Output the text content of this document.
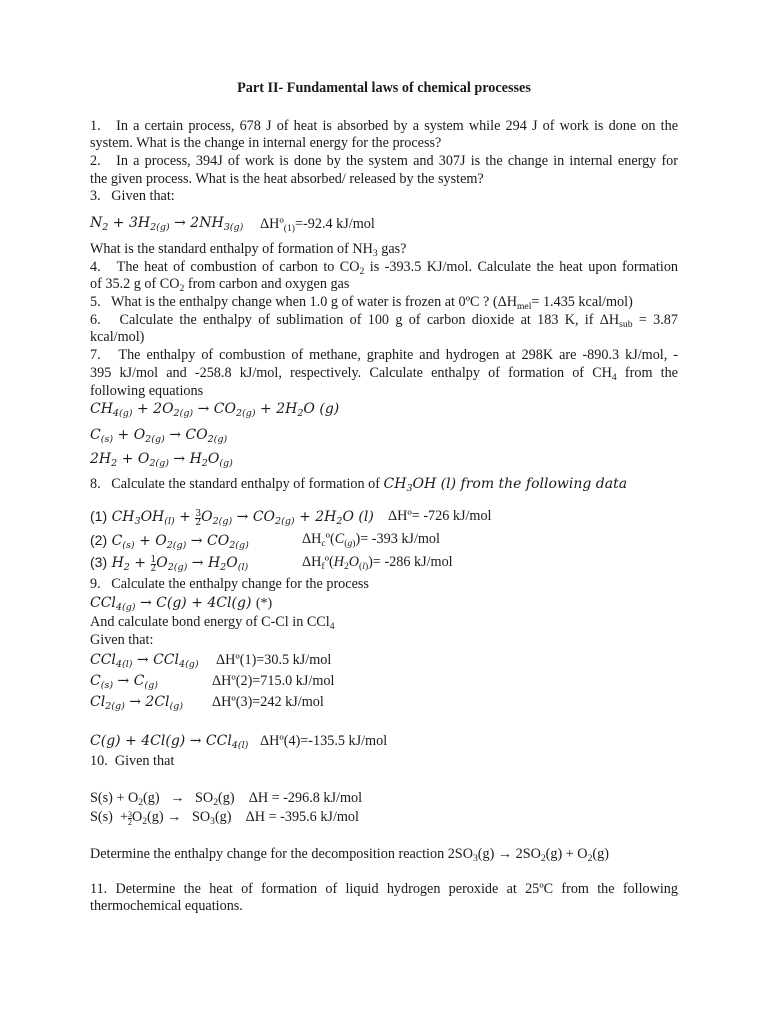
Part II- Fundamental laws of chemical processes
1.   In a certain process, 678 J of heat is absorbed by a system while 294 J of work is done on the
system. What is the change in internal energy for the process?
2.   In a process, 394J of work is done by the system and 307J is the change in internal energy for
the given process. What is the heat absorbed/ released by the system?
3.   Given that:
$N_2 + 3H_{2(g)} \to 2NH_{3(g)}$	ΔHº$_{(1)}$=-92.4 kJ/mol
What is the standard enthalpy of formation of $NH_3$ gas?
4.   The heat of combustion of carbon to $CO_2$ is -393.5 KJ/mol. Calculate the heat upon formation
of 35.2 g of $CO_2$ from carbon and oxygen gas
5.   What is the enthalpy change when 1.0 g of water is frozen at 0ºC ? ($\Delta H_{mel}= 1.435$ kcal/mol)
6.   Calculate the enthalpy of sublimation of 100 g of carbon dioxide at 183 K, if $\Delta H_{sub} = 3.87$
kcal/mol)
7.   The enthalpy of combustion of methane, graphite and hydrogen at 298K are -890.3 kJ/mol, -
395 kJ/mol and -258.8 kJ/mol, respectively. Calculate enthalpy of formation of $CH_4$ from the
following equations
$CH_{4(g)} + 2O_{2(g)} \to CO_{2(g)} + 2H_2O$ (g)
$C_{(s)} + O_{2(g)} \to CO_{2(g)}$
$2H_2 + O_{2(g)} \to H_2O_{(g)}$
8.   Calculate the standard enthalpy of formation of $CH_3OH$ (l) from the following data
(1) $CH_3OH_{(l)} + \frac{3}{2} O_{2(g)} \to CO_{2(g)} + 2H_2O$ (l) ΔHº= -726 kJ/mol
(2) $C_{(s)} + O_{2(g)} \to CO_{2(g)}$	$\Delta H_cº(C_{(g)})= -393$ kJ/mol
(3) $H_2 + \frac{1}{2} O_{2(g)} \to H_2O_{(l)}$	$\Delta H_fº(H_2O_{(l)})= -286$ kJ/mol
9.   Calculate the enthalpy change for the process
CCl$_{4(g)}$ → C(g) + 4Cl(g) (*)
And calculate bond energy of C-Cl in CCl$_4$
Given that:
CCl$_{4(l)}$ → CCl$_{4(g)}$	ΔHº(1)=30.5 kJ/mol
$C_{(s)} \to C_{(g)}$	ΔHº(2)=715.0 kJ/mol
$Cl_{2(g)} \to 2Cl_{(g)}$	ΔHº(3)=242 kJ/mol
C(g) + 4Cl(g) → CCl$_{4(l)}$ ΔHº(4)=-135.5 kJ/mol
10.  Given that
$S(s) + O_2(g) \to SO_2(g)$    ΔH = -296.8 kJ/mol
$S(s) + \frac{3}{2} O_2(g) \to SO_3(g)$    ΔH = -395.6 kJ/mol
Determine the enthalpy change for the decomposition reaction $2SO_3(g) \to 2SO_2(g) + O_2(g)$
11. Determine the heat of formation of liquid hydrogen peroxide at 25ºC from the following
thermochemical equations.
